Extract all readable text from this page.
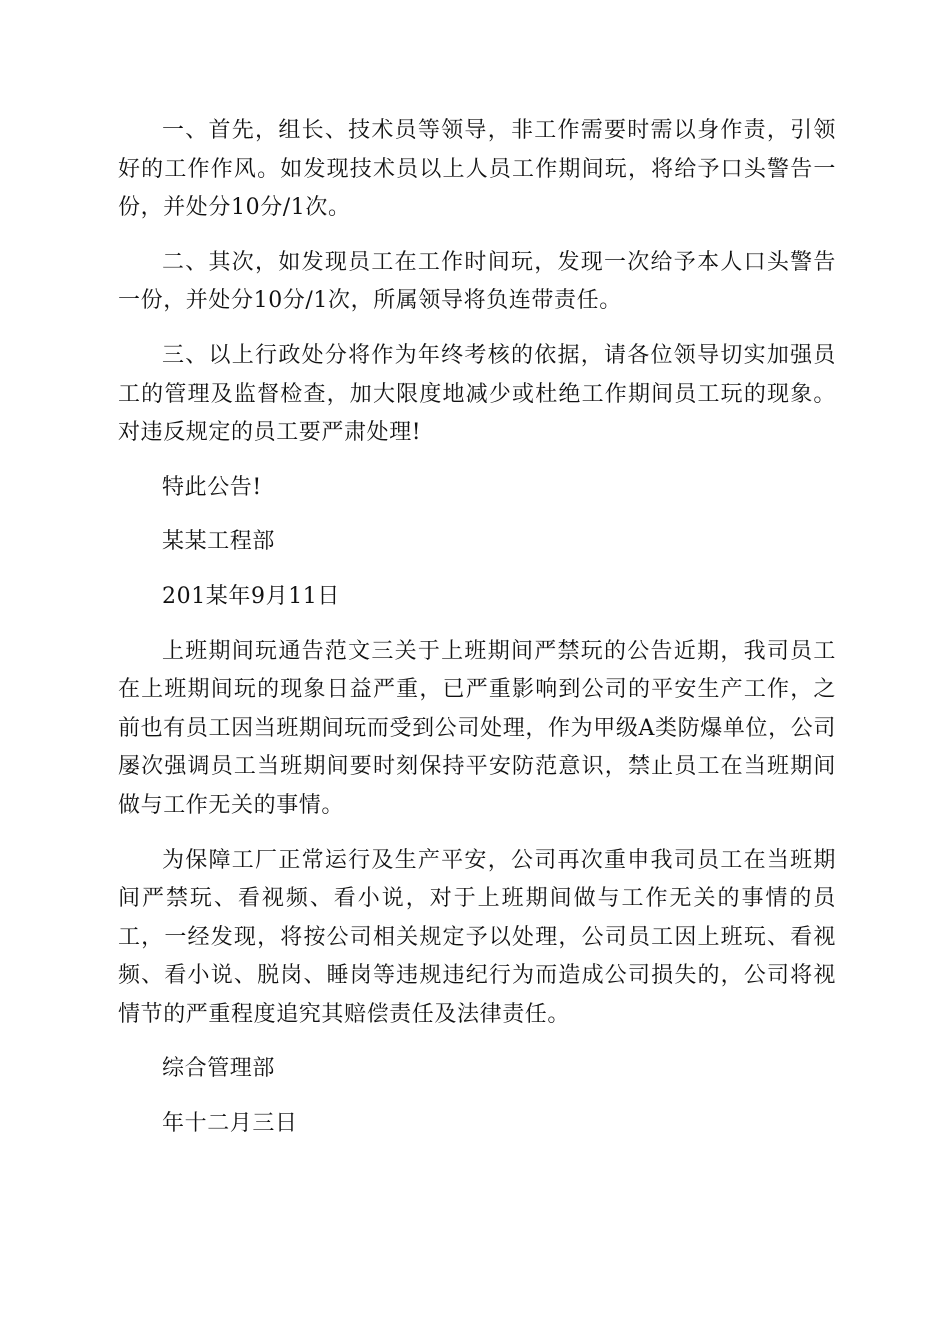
一、首先，组长、技术员等领导，非工作需要时需以身作责，引领好的工作作风。如发现技术员以上人员工作期间玩，将给予口头警告一份，并处分10分/1次。

二、其次，如发现员工在工作时间玩，发现一次给予本人口头警告一份，并处分10分/1次，所属领导将负连带责任。

三、以上行政处分将作为年终考核的依据，请各位领导切实加强员工的管理及监督检查，加大限度地减少或杜绝工作期间员工玩的现象。对违反规定的员工要严肃处理!

特此公告!

某某工程部

201某年9月11日

上班期间玩通告范文三关于上班期间严禁玩的公告近期，我司员工在上班期间玩的现象日益严重，已严重影响到公司的平安生产工作，之前也有员工因当班期间玩而受到公司处理，作为甲级A类防爆单位，公司屡次强调员工当班期间要时刻保持平安防范意识，禁止员工在当班期间做与工作无关的事情。

为保障工厂正常运行及生产平安，公司再次重申我司员工在当班期间严禁玩、看视频、看小说，对于上班期间做与工作无关的事情的员工，一经发现，将按公司相关规定予以处理，公司员工因上班玩、看视频、看小说、脱岗、睡岗等违规违纪行为而造成公司损失的，公司将视情节的严重程度追究其赔偿责任及法律责任。

综合管理部

年十二月三日
